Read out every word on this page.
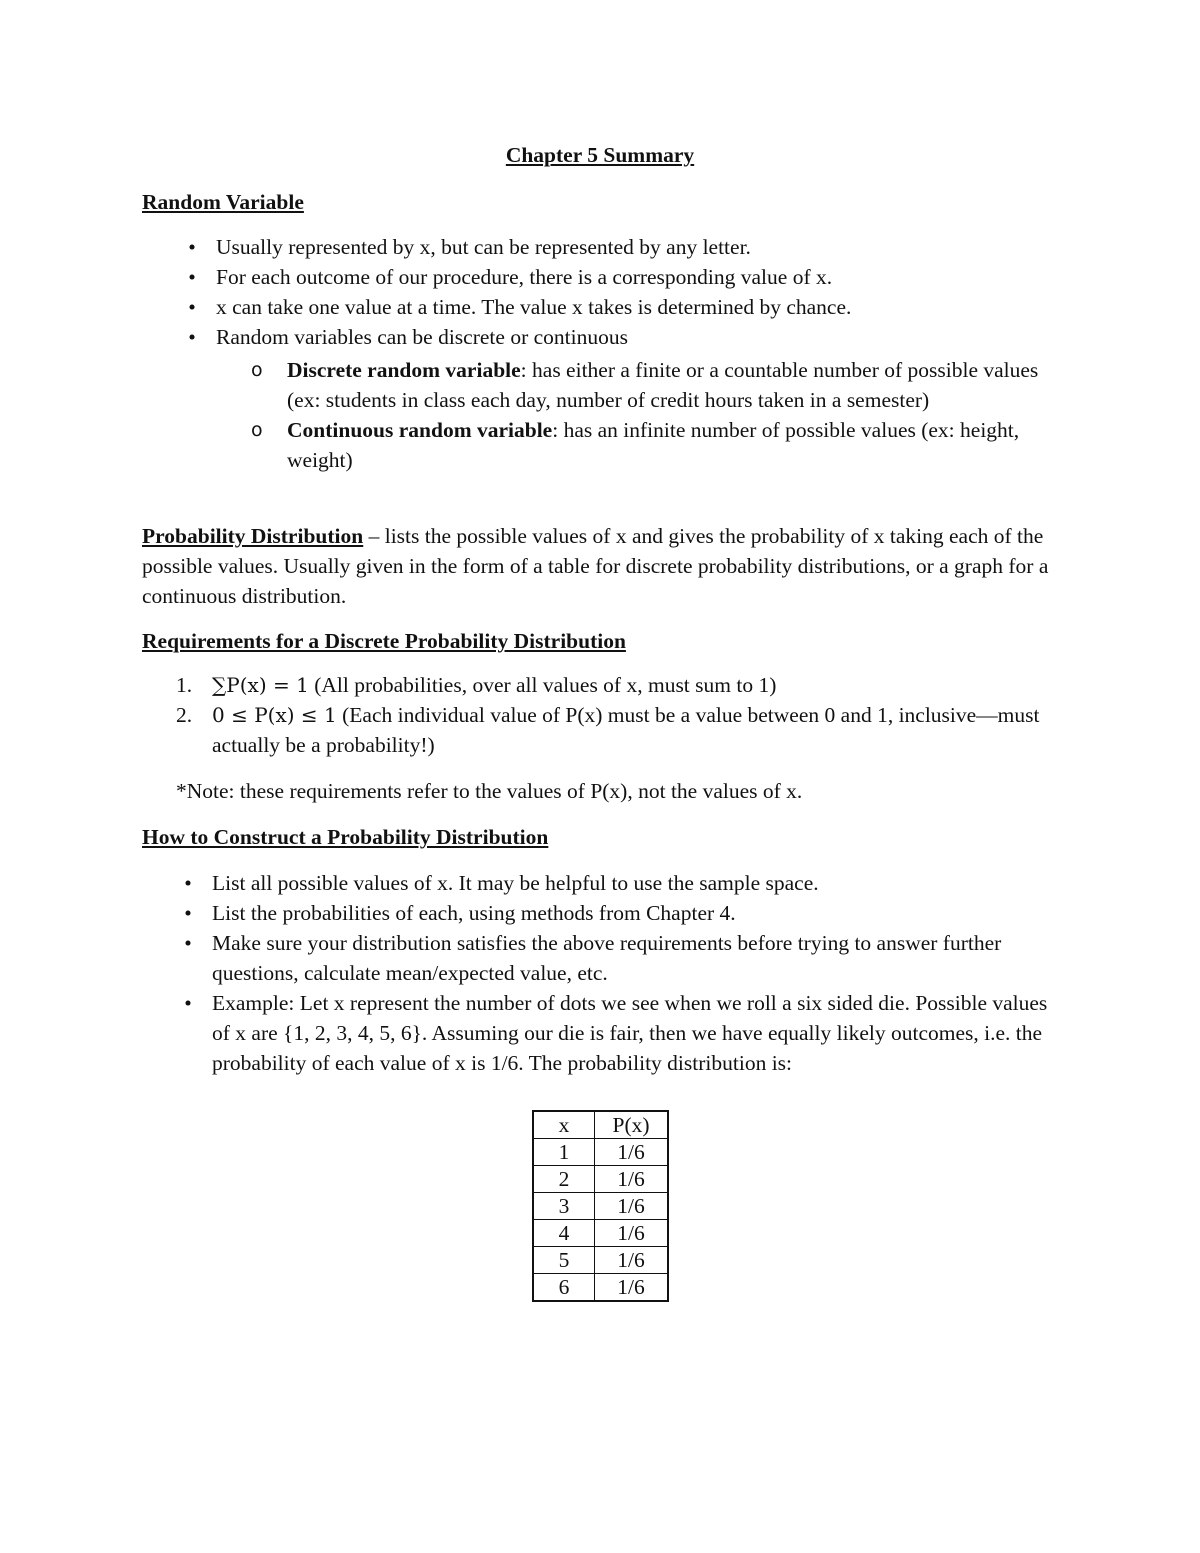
Chapter 5 Summary
Random Variable
• Usually represented by x, but can be represented by any letter.
• For each outcome of our procedure, there is a corresponding value of x.
• x can take one value at a time. The value x takes is determined by chance.
• Random variables can be discrete or continuous
o Discrete random variable: has either a finite or a countable number of possible values (ex: students in class each day, number of credit hours taken in a semester)
o Continuous random variable: has an infinite number of possible values (ex: height, weight)
Probability Distribution – lists the possible values of x and gives the probability of x taking each of the possible values. Usually given in the form of a table for discrete probability distributions, or a graph for a continuous distribution.
Requirements for a Discrete Probability Distribution
1. ∑P(x) = 1 (All probabilities, over all values of x, must sum to 1)
2. 0 ≤ P(x) ≤ 1 (Each individual value of P(x) must be a value between 0 and 1, inclusive—must actually be a probability!)
*Note: these requirements refer to the values of P(x), not the values of x.
How to Construct a Probability Distribution
• List all possible values of x. It may be helpful to use the sample space.
• List the probabilities of each, using methods from Chapter 4.
• Make sure your distribution satisfies the above requirements before trying to answer further questions, calculate mean/expected value, etc.
• Example: Let x represent the number of dots we see when we roll a six sided die. Possible values of x are {1, 2, 3, 4, 5, 6}. Assuming our die is fair, then we have equally likely outcomes, i.e. the probability of each value of x is 1/6. The probability distribution is:
x	P(x)
1	1/6
2	1/6
3	1/6
4	1/6
5	1/6
6	1/6
